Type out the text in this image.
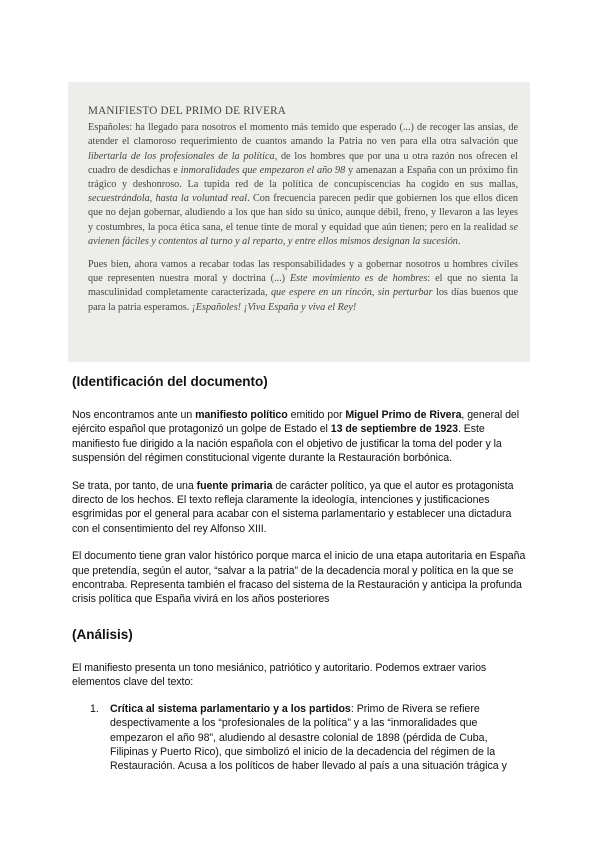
MANIFIESTO DEL PRIMO DE RIVERA

Españoles: ha llegado para nosotros el momento más temido que esperado (...) de recoger las ansias, de atender el clamoroso requerimiento de cuantos amando la Patria no ven para ella otra salvación que libertarla de los profesionales de la política, de los hombres que por una u otra razón nos ofrecen el cuadro de desdichas e inmoralidades que empezaron el año 98 y amenazan a España con un próximo fin trágico y deshonroso. La tupida red de la política de concupiscencias ha cogido en sus mallas, secuestrándola, hasta la voluntad real. Con frecuencia parecen pedir que gobiernen los que ellos dicen que no dejan gobernar, aludiendo a los que han sido su único, aunque débil, freno, y llevaron a las leyes y costumbres, la poca ética sana, el tenue tinte de moral y equidad que aún tienen; pero en la realidad se avienen fáciles y contentos al turno y al reparto, y entre ellos mismos designan la sucesión.

Pues bien, ahora vamos a recabar todas las responsabilidades y a gobernar nosotros u hombres civiles que representen nuestra moral y doctrina (...) Este movimiento es de hombres: el que no sienta la masculinidad completamente caracterizada, que espere en un rincón, sin perturbar los días buenos que para la patria esperamos. ¡Españoles! ¡Viva España y viva el Rey!

(Identificación del documento)

Nos encontramos ante un manifiesto político emitido por Miguel Primo de Rivera, general del ejército español que protagonizó un golpe de Estado el 13 de septiembre de 1923. Este manifiesto fue dirigido a la nación española con el objetivo de justificar la toma del poder y la suspensión del régimen constitucional vigente durante la Restauración borbónica.

Se trata, por tanto, de una fuente primaria de carácter político, ya que el autor es protagonista directo de los hechos. El texto refleja claramente la ideología, intenciones y justificaciones esgrimidas por el general para acabar con el sistema parlamentario y establecer una dictadura con el consentimiento del rey Alfonso XIII.

El documento tiene gran valor histórico porque marca el inicio de una etapa autoritaria en España que pretendía, según el autor, “salvar a la patria” de la decadencia moral y política en la que se encontraba. Representa también el fracaso del sistema de la Restauración y anticipa la profunda crisis política que España vivirá en los años posteriores

(Análisis)

El manifiesto presenta un tono mesiánico, patriótico y autoritario. Podemos extraer varios elementos clave del texto:

1. Crítica al sistema parlamentario y a los partidos: Primo de Rivera se refiere despectivamente a los “profesionales de la política” y a las “inmoralidades que empezaron el año 98”, aludiendo al desastre colonial de 1898 (pérdida de Cuba, Filipinas y Puerto Rico), que simbolizó el inicio de la decadencia del régimen de la Restauración. Acusa a los políticos de haber llevado al país a una situación trágica y
